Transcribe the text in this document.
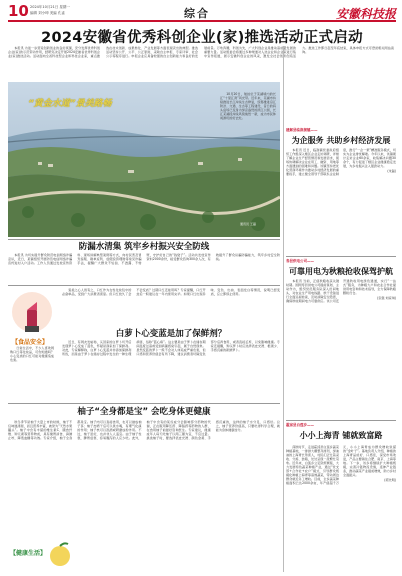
10 2024年10月21日 星期一
编辑 刘小坤 美编 孔雀	综合	安徽科技报
2024安徽省优秀科创企业(家)推选活动正式启动

本报讯 为进一步营造创新创业的良好氛围，充分发挥优秀科创企业(家)的示范带动作用，经研究决定开展2024安徽省优秀科创企业(家)推选活动。活动面向全省科技型企业和科技企业家，重点推选在技术创新、成果转化、产业发展等方面表现突出的典型。推选活动坚持公开、公平、公正原则，采取自主申报、专家评审、社会公示等程序进行。申报企业应具备较强的自主创新能力和良好的发展前景。万象奔腾，科创为先，广大科创企业是推动高质量发展的重要力量。活动组委会将通过多种渠道对入选企业和企业家进行集中宣传报道，展示安徽科创企业的风采，激发全社会创新创造活力。推选工作即日起至年底结束，具体申报方式可登录相关网站查询。

“黄金水道”景美路畅

10月20日，航拍位于芜湖境内的长江“十里江湾”风光带。近年来，芜湖市持续推进长江岸线生态修复，统筹推进沿江防洪、交通、生态等工程建设，昔日的码头货场已变身为绿意盎然的滨江公园，长江芜湖段岸线风貌焕然一新，成为市民休闲游玩的好去处。

通讯员 王磊
建邺县临涣街镇——
为企服务 共助乡村经济发展

本报讯 近日，临涣镇党委政府组织工作组深入辖区企业走访调研，详细了解企业生产经营情况和发展需求，现场协调解决企业在用工、融资、用地等方面遇到的困难和问题。该镇坚持把优化营商环境作为推动乡村经济发展的重要抓手，建立健全领导干部联系企业制度，推行“一企一策”精准服务模式，切实为企业排忧解难。今年以来，该镇累计走访企业60余家，收集解决问题30余个，有力促进了辖区企业健康稳定发展，为乡村振兴注入强劲动力。

(朱磊)

寿县供电公司——
可靠用电为秋粮抢收保驾护航

本报讯 当前，正值秋粮收获关键时期。国网寿县供电公司提前谋划、主动作为，组织党员服务队深入田间地头，对农业生产用电线路、烘干设备进行全面巡视检查，及时消除安全隐患，确保秋收期间电力可靠供应。该公司还开通秋收用电绿色通道，实行“一站式”服务，为种粮大户和农业合作社提供用电咨询和技术指导，全力保障秋粮颗粒归仓。

(张强 刘家琪)

霍邱县白莲乡——
小小上海青 铺就致富路

深秋时节，走进霍邱县白莲乡蔬菜种植基地，一排排大棚整齐排列，绿油油的上海青长势喜人，村民们正忙着采收、分拣、装箱，处处呈现一派繁忙景象。近年来，白莲乡立足资源禀赋，大力发展特色蔬菜种植产业，通过“党支部+合作社+农户”模式，引导群众规模化种植上海青等高效蔬菜，带动周边群众就近务工增收。目前，全乡蔬菜种植面积已达2000余亩，年产值超千万元，小小上海青成为群众增收致富的“金叶子”。基地负责人介绍，种植的上海青品质好、口感佳，深受市场欢迎，产品主要销往合肥、南京、上海等地。下一步，该乡将继续扩大种植规模，完善冷链物流设施，延伸产业链条，推动蔬菜产业提质增效，助力乡村全面振兴。

(郭先明)

防漏水清集 筑牢乡村振兴安全防线

本报讯 为切实提升群众防范电信网络诈骗意识，近日，某镇组织开展防范电信网络诈骗宣传进村入户活动。工作人员通过发放宣传资料、现场讲解典型案例等方式，向村民普及冒充客服、刷单返利、虚假投资理财等常见诈骗手法，提醒广大群众不轻信、不透露、不转账，守护好自己的“钱袋子”。活动共发放宣传资料2000余份，接受群众咨询300余人次，有效提升了群众识骗防骗能力，筑牢乡村安全防线。

【食品安全】

日常生活中，不少人喜欢网购口红等化妆品，可你知道吗？小心变质的口红可能对健康造成危害。

爱美之心人皆有之，口红作为女性化妆包中的必备单品，受到广大消费者喜爱。但口红放久了会不会变质？过期口红还能用吗？专家提醒，口红开封后一般建议在一年内使用完毕。如果口红出现异味、变色、出油、表面发白等情况，说明已经变质，应立即停止使用。

白萝卜心变蓝是加了保鲜剂？

近日，有网友发帖称，买回家的白萝卜切开后发现萝卜心变成了蓝色，怀疑是商家加了保鲜剂。对此，专家解释称，白萝卜心变蓝并非添加保鲜剂所致，而是由于萝卜在储存过程中发生的一种生理病害，俗称“蓝心病”。这主要是由于萝卜在储存期间温度过高或受到病菌感染引起，属于自然现象。虽然变蓝的萝卜一般不会对人体造成严重危害，但口感和营养价值会有所下降，建议消费者切除变色部分后再食用，或者直接丢弃，以免影响健康。专家还提醒，购买萝卜时应选择表皮光滑、根须少、手感沉重的新鲜萝卜。

柚子“全身都是宝” 会吃身体更健康

秋冬季节是柚子大量上市的时候，柚子不仅味道清甜，而且营养丰富，被誉为“天然水果罐头”。柚子中含有丰富的维生素C、膳食纤维、钾元素等营养物质，具有健胃消食、润肺止咳、降低血糖等功效。专家介绍，柚子全身都是宝。柚子肉可以直接食用，也可以做成柚子茶；柚子皮晒干后可以煮水喝，有理气化痰的作用；柚子核可以泡酒或研磨成粉外用。不过，柚子虽好，也并非人人适宜。由于柚子性寒，脾胃虚寒、容易腹泻的人应少吃。此外，柚子中含有的某些成分会影响部分药物的代谢，正在服用降压药、降脂药等药物的人群，在食用柚子前最好咨询医生。专家建议，健康成年人每天吃柚子以两三瓣为宜，不宜过量。挑选柚子时，要选择表皮光滑、颜色金黄、手感沉重的，这样的柚子水分足、口感好。总之，柚子营养价值高，只要吃得科学合理，就能为身体健康加分。

【健康生活】
